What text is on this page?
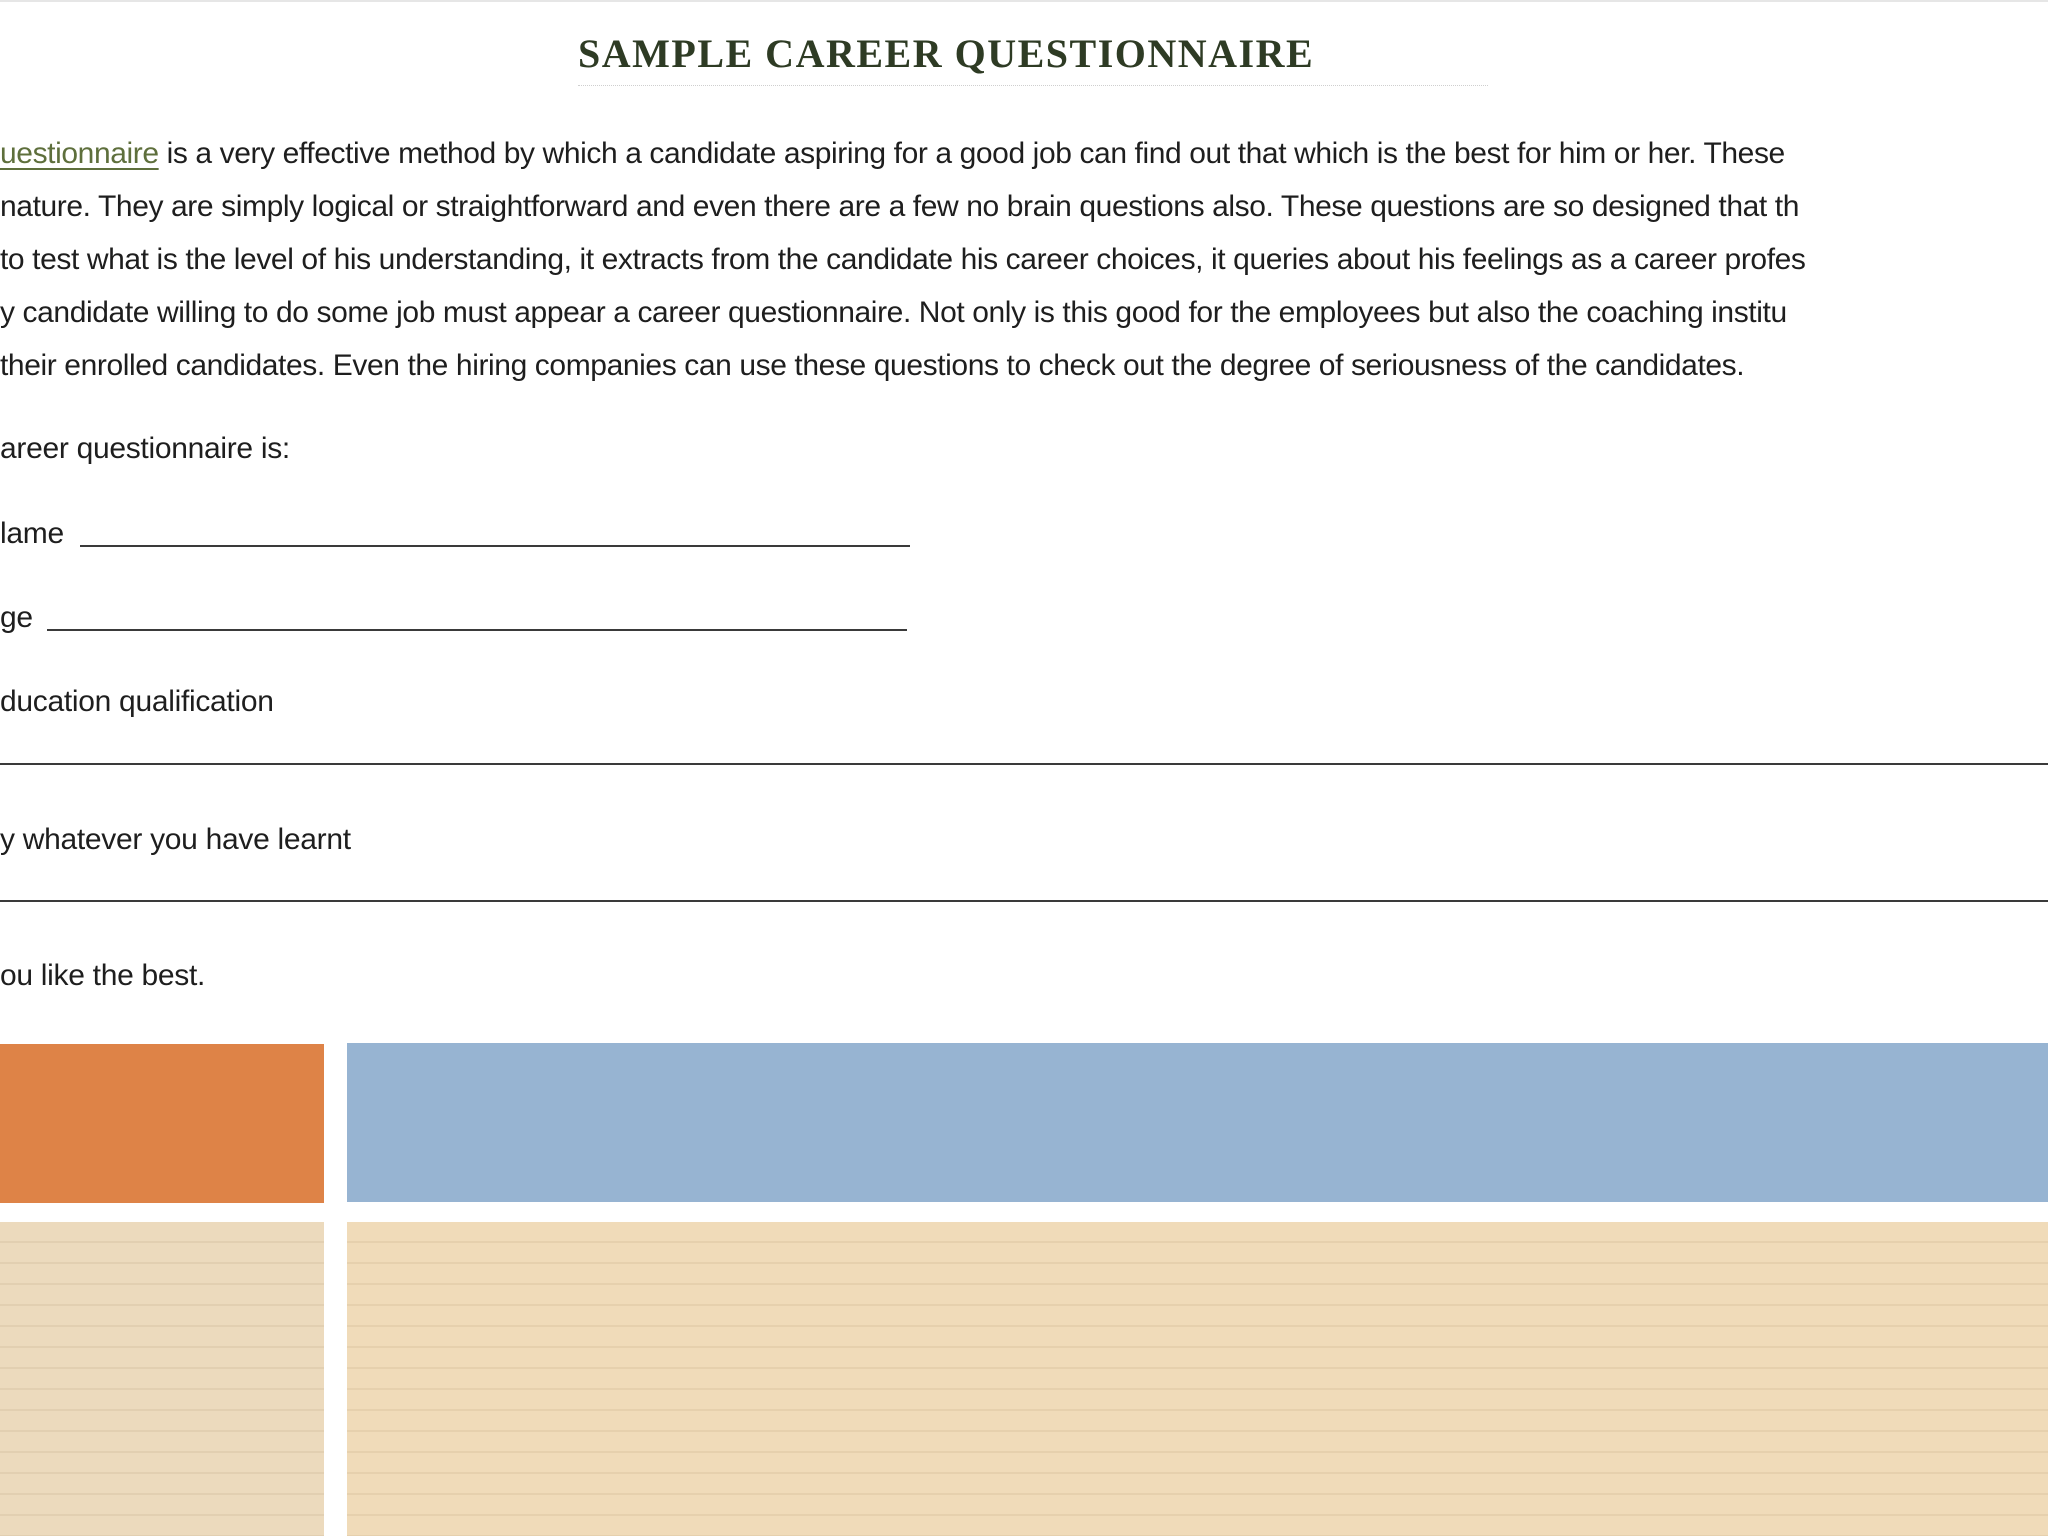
SAMPLE CAREER QUESTIONNAIRE
uestionnaire is a very effective method by which a candidate aspiring for a good job can find out that which is the best for him or her. These
nature. They are simply logical or straightforward and even there are a few no brain questions also. These questions are so designed that th
to test what is the level of his understanding, it extracts from the candidate his career choices, it queries about his feelings as a career profes
y candidate willing to do some job must appear a career questionnaire. Not only is this good for the employees but also the coaching institu
their enrolled candidates. Even the hiring companies can use these questions to check out the degree of seriousness of the candidates.
areer questionnaire is:
lame
ge
ducation qualification
y whatever you have learnt
ou like the best.
